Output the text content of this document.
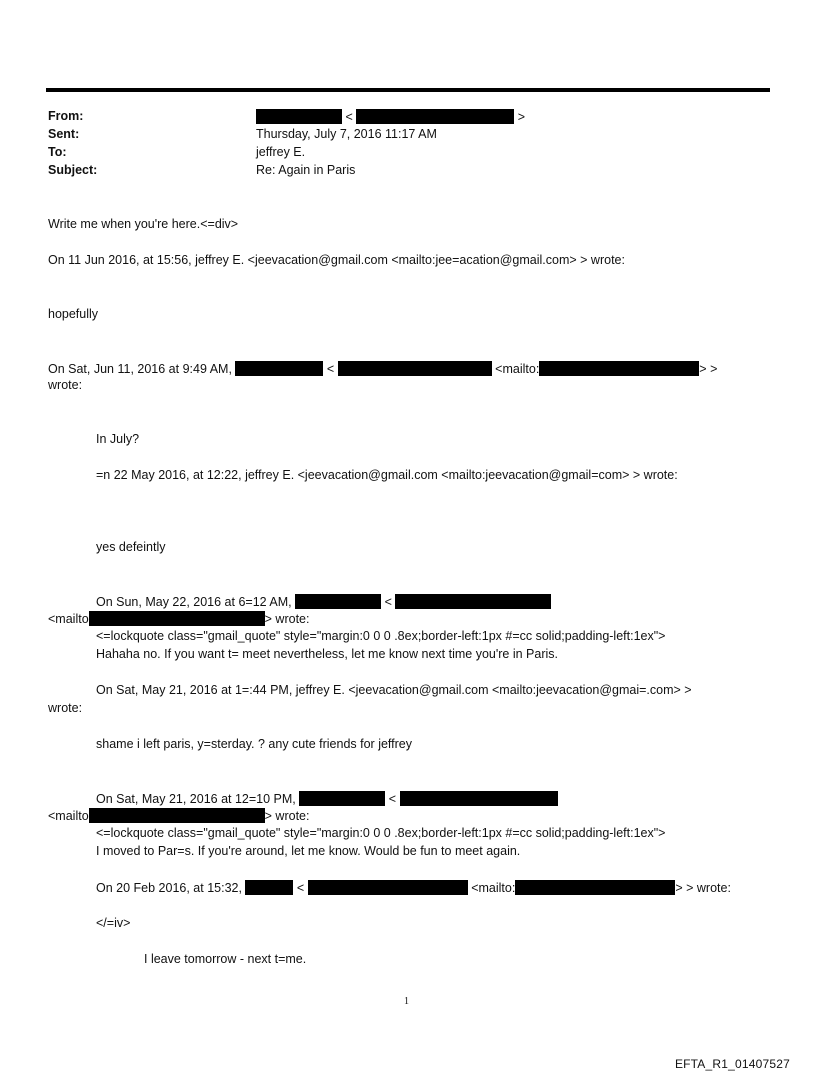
From:	<	>
Sent:	Thursday, July 7, 2016 11:17 AM
To:	jeffrey E.
Subject:	Re: Again in Paris
Write me when you're here.<=div>
On 11 Jun 2016, at 15:56, jeffrey E. <jeevacation@gmail.com <mailto:jee=acation@gmail.com> > wrote:
hopefully
On Sat, Jun 11, 2016 at 9:49 AM,	<	<mailto:	> >
wrote:
In July?
=n 22 May 2016, at 12:22, jeffrey E. <jeevacation@gmail.com <mailto:jeevacation@gmail=com> > wrote:
yes defeintly
On Sun, May 22, 2016 at 6=12 AM,	<
<mailto	> wrote:
<=lockquote class="gmail_quote" style="margin:0 0 0 .8ex;border-left:1px #=cc solid;padding-left:1ex">
Hahaha no. If you want t= meet nevertheless, let me know next time you're in Paris.
On Sat, May 21, 2016 at 1=:44 PM, jeffrey E. <jeevacation@gmail.com <mailto:jeevacation@gmai=.com> >
wrote:
shame i left paris, y=sterday. ? any cute friends for jeffrey
On Sat, May 21, 2016 at 12=10 PM,	<
<mailto	> wrote:
<=lockquote class="gmail_quote" style="margin:0 0 0 .8ex;border-left:1px #=cc solid;padding-left:1ex">
I moved to Par=s. If you're around, let me know. Would be fun to meet again.
On 20 Feb 2016, at 15:32,	<	<mailto:	> > wrote:
</=iv>
I leave tomorrow - next t=me.
1
EFTA_R1_01407527
